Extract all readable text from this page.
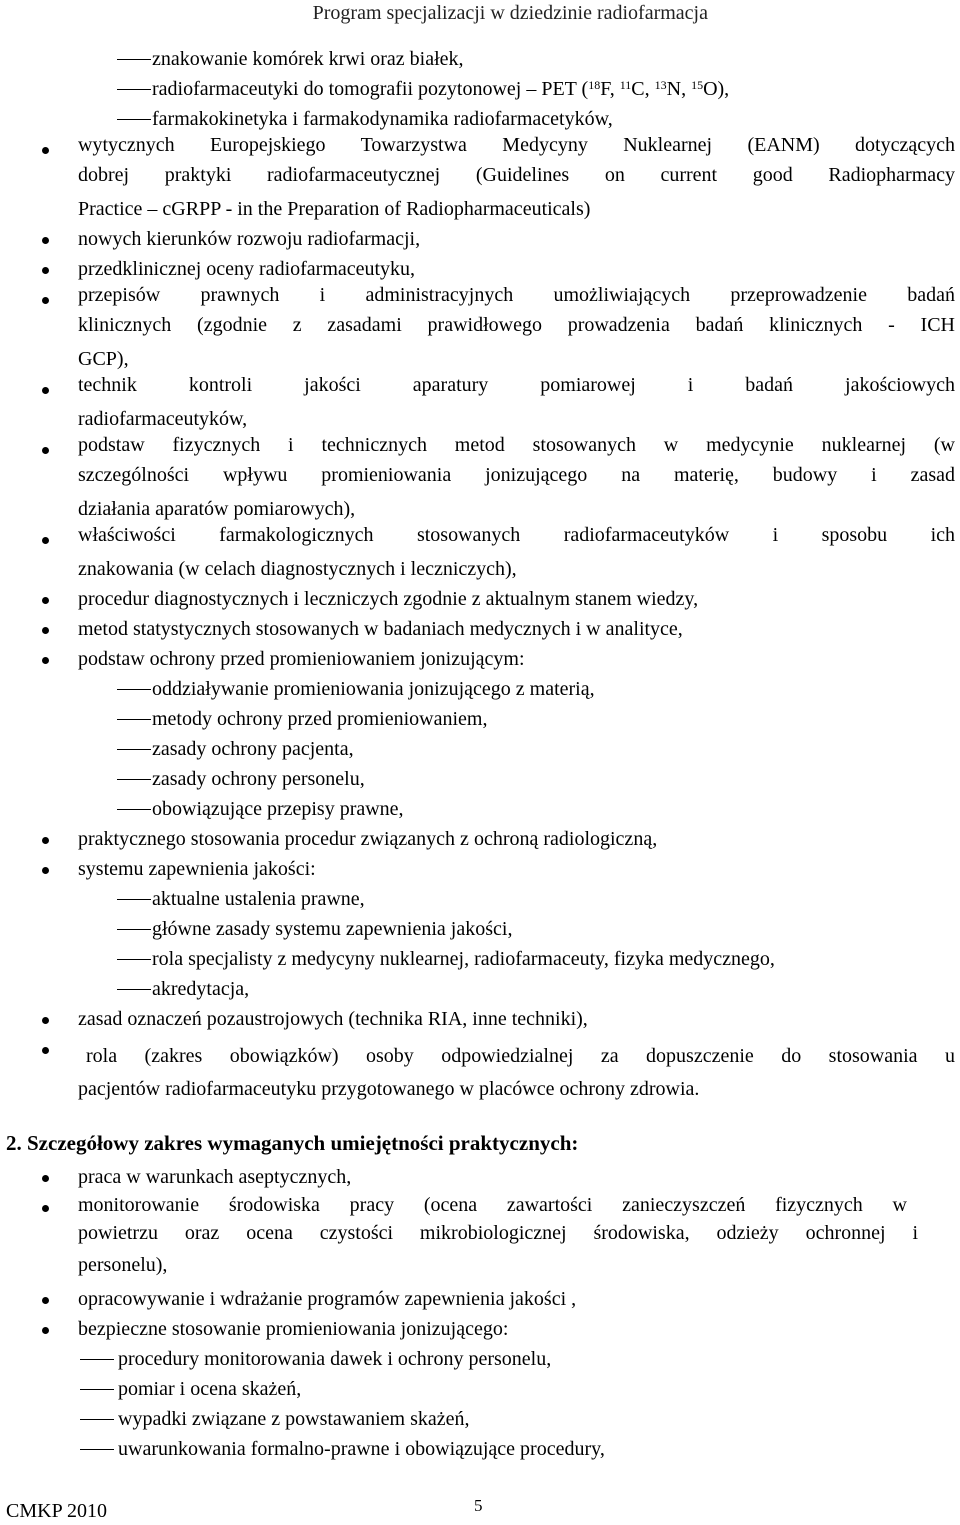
Program specjalizacji w dziedzinie radiofarmacja
znakowanie komórek krwi oraz białek,
radiofarmaceutyki do tomografii pozytonowej – PET ($^{18}$F, $^{11}$C, $^{13}$N, $^{15}$O),
farmakokinetyka i farmakodynamika radiofarmacetyków,
wytycznych Europejskiego Towarzystwa Medycyny Nuklearnej (EANM) dotyczących
dobrej praktyki radiofarmaceutycznej (Guidelines on current good Radiopharmacy
Practice – cGRPP - in the Preparation of Radiopharmaceuticals)
nowych kierunków rozwoju radiofarmacji,
przedklinicznej oceny radiofarmaceutyku,
przepisów prawnych i administracyjnych umożliwiających przeprowadzenie badań
klinicznych (zgodnie z zasadami prawidłowego prowadzenia badań klinicznych - ICH
GCP),
technik kontroli jakości aparatury pomiarowej i badań jakościowych
radiofarmaceutyków,
podstaw fizycznych i technicznych metod stosowanych w medycynie nuklearnej (w
szczególności wpływu promieniowania jonizującego na materię, budowy i zasad
działania aparatów pomiarowych),
właściwości farmakologicznych stosowanych radiofarmaceutyków i sposobu ich
znakowania (w celach diagnostycznych i leczniczych),
procedur diagnostycznych i leczniczych zgodnie z aktualnym stanem wiedzy,
metod statystycznych stosowanych w badaniach medycznych i w analityce,
podstaw ochrony przed promieniowaniem jonizującym:
oddziaływanie promieniowania jonizującego z materią,
metody ochrony przed promieniowaniem,
zasady ochrony pacjenta,
zasady ochrony personelu,
obowiązujące przepisy prawne,
praktycznego stosowania procedur związanych z ochroną radiologiczną,
systemu zapewnienia jakości:
aktualne ustalenia prawne,
główne zasady systemu zapewnienia jakości,
rola specjalisty z medycyny nuklearnej, radiofarmaceuty, fizyka medycznego,
akredytacja,
zasad oznaczeń pozaustrojowych (technika RIA, inne techniki),
rola (zakres obowiązków) osoby odpowiedzialnej za dopuszczenie do stosowania u
pacjentów radiofarmaceutyku przygotowanego w placówce ochrony zdrowia.
2. Szczegółowy zakres wymaganych umiejętności praktycznych:
praca w warunkach aseptycznych,
monitorowanie środowiska pracy (ocena zawartości zanieczyszczeń fizycznych w
powietrzu oraz ocena czystości mikrobiologicznej środowiska, odzieży ochronnej i
personelu),
opracowywanie i wdrażanie programów zapewnienia jakości ,
bezpieczne stosowanie promieniowania jonizującego:
procedury monitorowania dawek i ochrony personelu,
pomiar i ocena skażeń,
wypadki związane z powstawaniem skażeń,
uwarunkowania formalno-prawne i obowiązujące procedury,
CMKP 2010	5
